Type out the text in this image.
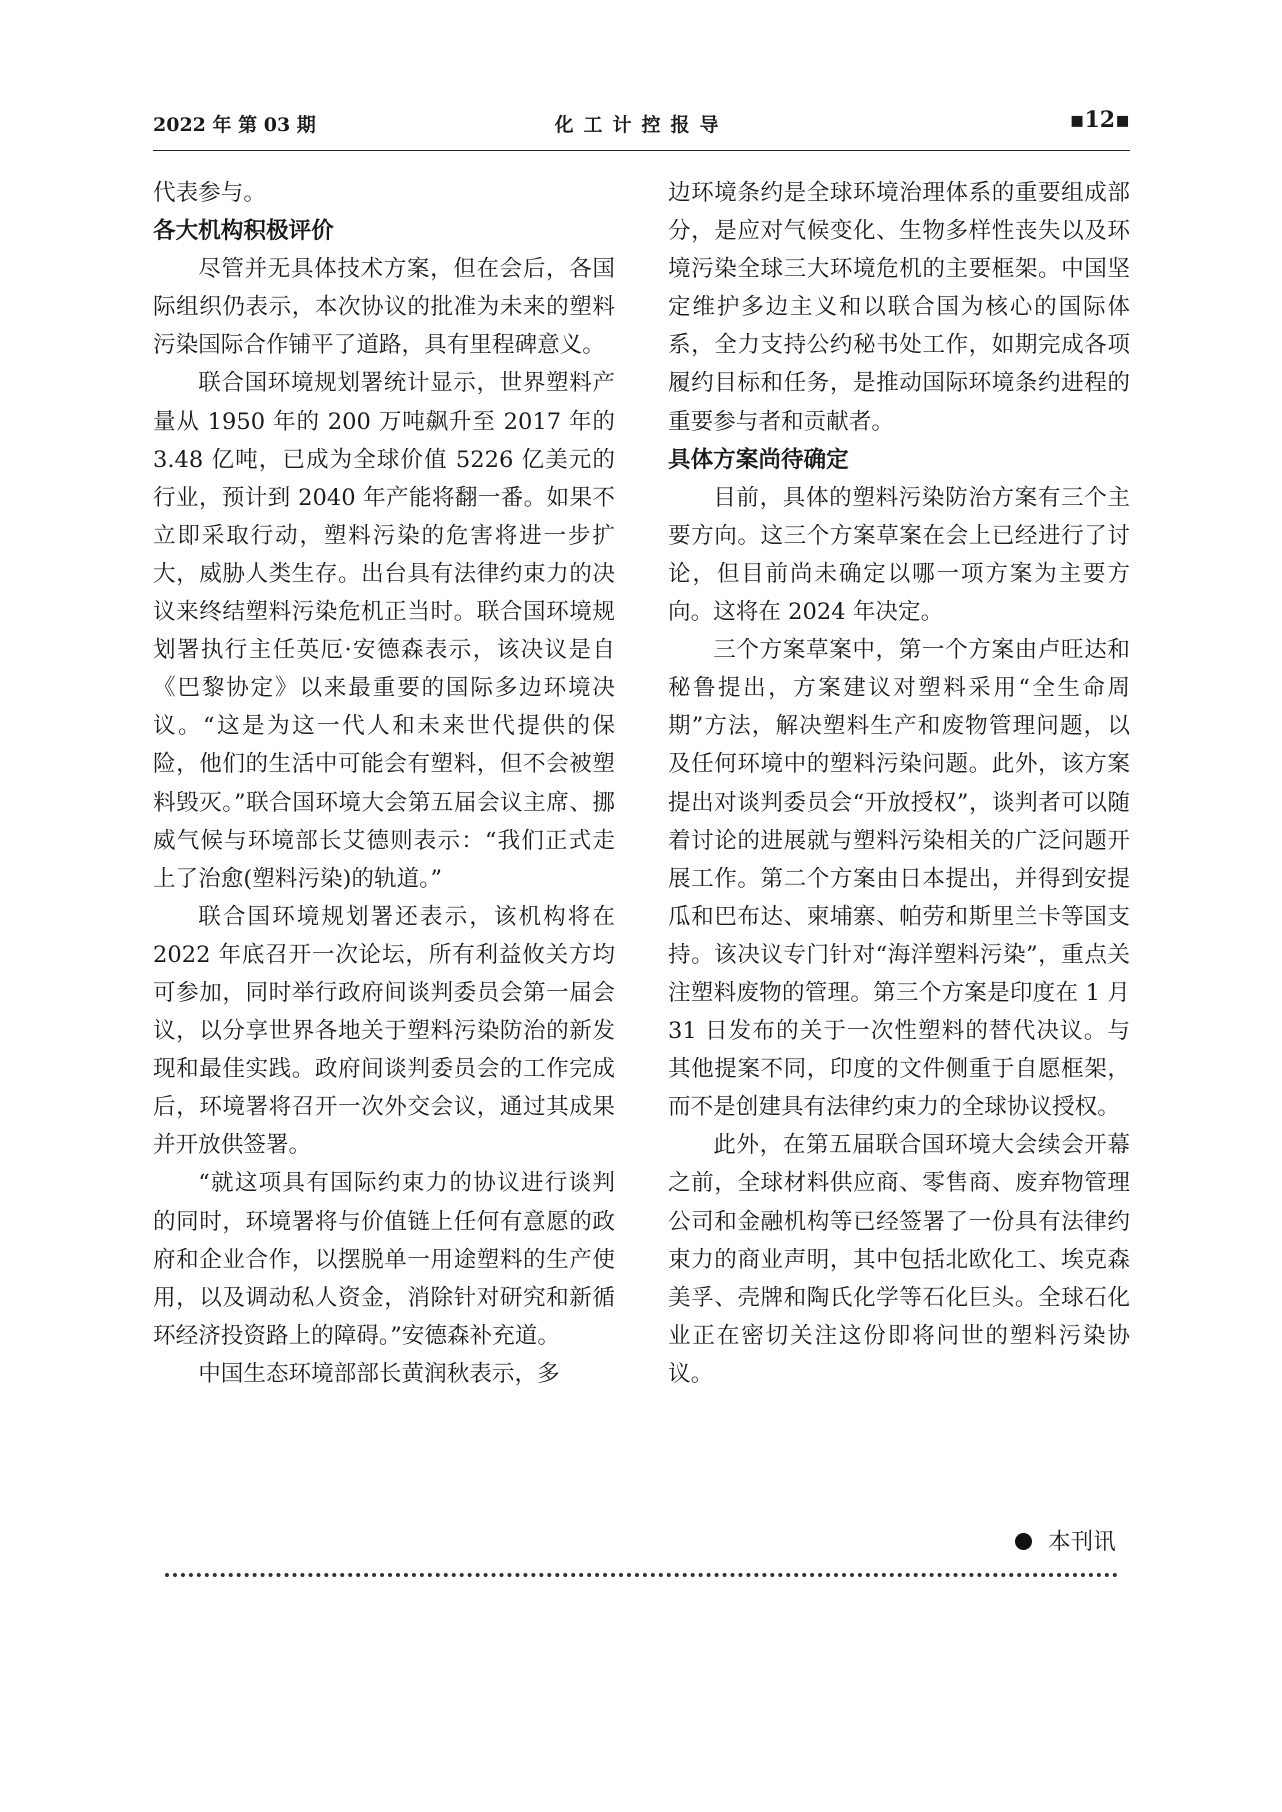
2022 年 第 03 期	化工计控报导	▪12▪

代表参与。

各大机构积极评价

尽管并无具体技术方案，但在会后，各国际组织仍表示，本次协议的批准为未来的塑料污染国际合作铺平了道路，具有里程碑意义。

联合国环境规划署统计显示，世界塑料产量从 1950 年的 200 万吨飙升至 2017 年的 3.48 亿吨，已成为全球价值 5226 亿美元的行业，预计到 2040 年产能将翻一番。如果不立即采取行动，塑料污染的危害将进一步扩大，威胁人类生存。出台具有法律约束力的决议来终结塑料污染危机正当时。联合国环境规划署执行主任英厄·安德森表示，该决议是自《巴黎协定》以来最重要的国际多边环境决议。“这是为这一代人和未来世代提供的保险，他们的生活中可能会有塑料，但不会被塑料毁灭。”联合国环境大会第五届会议主席、挪威气候与环境部长艾德则表示：“我们正式走上了治愈(塑料污染)的轨道。”

联合国环境规划署还表示，该机构将在 2022 年底召开一次论坛，所有利益攸关方均可参加，同时举行政府间谈判委员会第一届会议，以分享世界各地关于塑料污染防治的新发现和最佳实践。政府间谈判委员会的工作完成后，环境署将召开一次外交会议，通过其成果并开放供签署。

“就这项具有国际约束力的协议进行谈判的同时，环境署将与价值链上任何有意愿的政府和企业合作，以摆脱单一用途塑料的生产使用，以及调动私人资金，消除针对研究和新循环经济投资路上的障碍。”安德森补充道。

中国生态环境部部长黄润秋表示，多

边环境条约是全球环境治理体系的重要组成部分，是应对气候变化、生物多样性丧失以及环境污染全球三大环境危机的主要框架。中国坚定维护多边主义和以联合国为核心的国际体系，全力支持公约秘书处工作，如期完成各项履约目标和任务，是推动国际环境条约进程的重要参与者和贡献者。

具体方案尚待确定

目前，具体的塑料污染防治方案有三个主要方向。这三个方案草案在会上已经进行了讨论，但目前尚未确定以哪一项方案为主要方向。这将在 2024 年决定。

三个方案草案中，第一个方案由卢旺达和秘鲁提出，方案建议对塑料采用“全生命周期”方法，解决塑料生产和废物管理问题，以及任何环境中的塑料污染问题。此外，该方案提出对谈判委员会“开放授权”，谈判者可以随着讨论的进展就与塑料污染相关的广泛问题开展工作。第二个方案由日本提出，并得到安提瓜和巴布达、柬埔寨、帕劳和斯里兰卡等国支持。该决议专门针对“海洋塑料污染”，重点关注塑料废物的管理。第三个方案是印度在 1 月 31 日发布的关于一次性塑料的替代决议。与其他提案不同，印度的文件侧重于自愿框架，而不是创建具有法律约束力的全球协议授权。

此外，在第五届联合国环境大会续会开幕之前，全球材料供应商、零售商、废弃物管理公司和金融机构等已经签署了一份具有法律约束力的商业声明，其中包括北欧化工、埃克森美孚、壳牌和陶氏化学等石化巨头。全球石化业正在密切关注这份即将问世的塑料污染协议。

本刊讯
